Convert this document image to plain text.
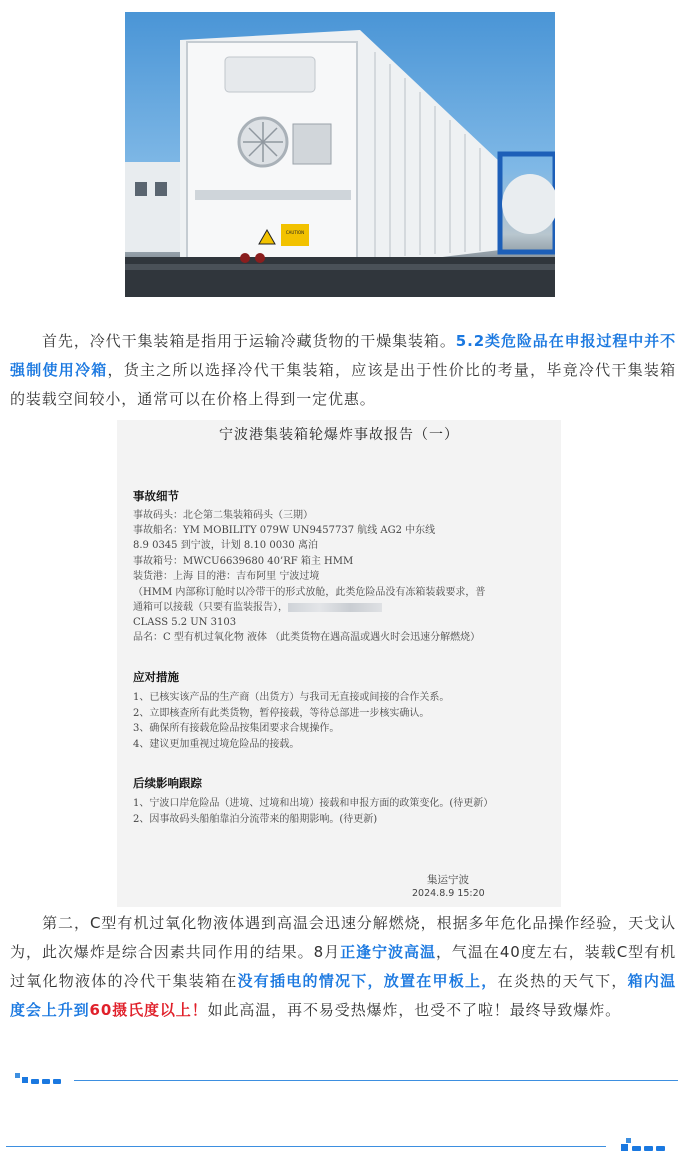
CAUTION

首先，冷代干集装箱是指用于运输冷藏货物的干燥集装箱。5.2类危险品在申报过程中并不强制使用冷箱，货主之所以选择冷代干集装箱，应该是出于性价比的考量，毕竟冷代干集装箱的装载空间较小，通常可以在价格上得到一定优惠。

宁波港集装箱轮爆炸事故报告（一）
事故细节
事故码头：北仑第二集装箱码头（三期）
事故船名：YM MOBILITY 079W UN9457737 航线 AG2 中东线
8.9 0345 到宁波，计划 8.10 0030 离泊
事故箱号：MWCU6639680 40’RF 箱主 HMM
装货港：上海 目的港：吉布阿里 宁波过境
（HMM 内部称订舱时以冷带干的形式放舱，此类危险品没有冻箱装载要求，普
通箱可以接载（只要有监装报告），
CLASS 5.2 UN 3103
品名：C 型有机过氧化物 液体 （此类货物在遇高温或遇火时会迅速分解燃烧）
应对措施
1、已核实该产品的生产商（出货方）与我司无直接或间接的合作关系。
2、立即核查所有此类货物，暂停接载，等待总部进一步核实确认。
3、确保所有接载危险品按集团要求合规操作。
4、建议更加重视过境危险品的接载。
后续影响跟踪
1、宁波口岸危险品（进境、过境和出境）接载和申报方面的政策变化。(待更新）
2、因事故码头船舶靠泊分流带来的船期影响。(待更新)
集运宁波
2024.8.9 15:20

第二，C型有机过氧化物液体遇到高温会迅速分解燃烧，根据多年危化品操作经验，天戈认为，此次爆炸是综合因素共同作用的结果。8月正逢宁波高温，气温在40度左右，装载C型有机过氧化物液体的冷代干集装箱在没有插电的情况下，放置在甲板上，在炎热的天气下，箱内温度会上升到60摄氏度以上！如此高温，再不易受热爆炸，也受不了啦！最终导致爆炸。
